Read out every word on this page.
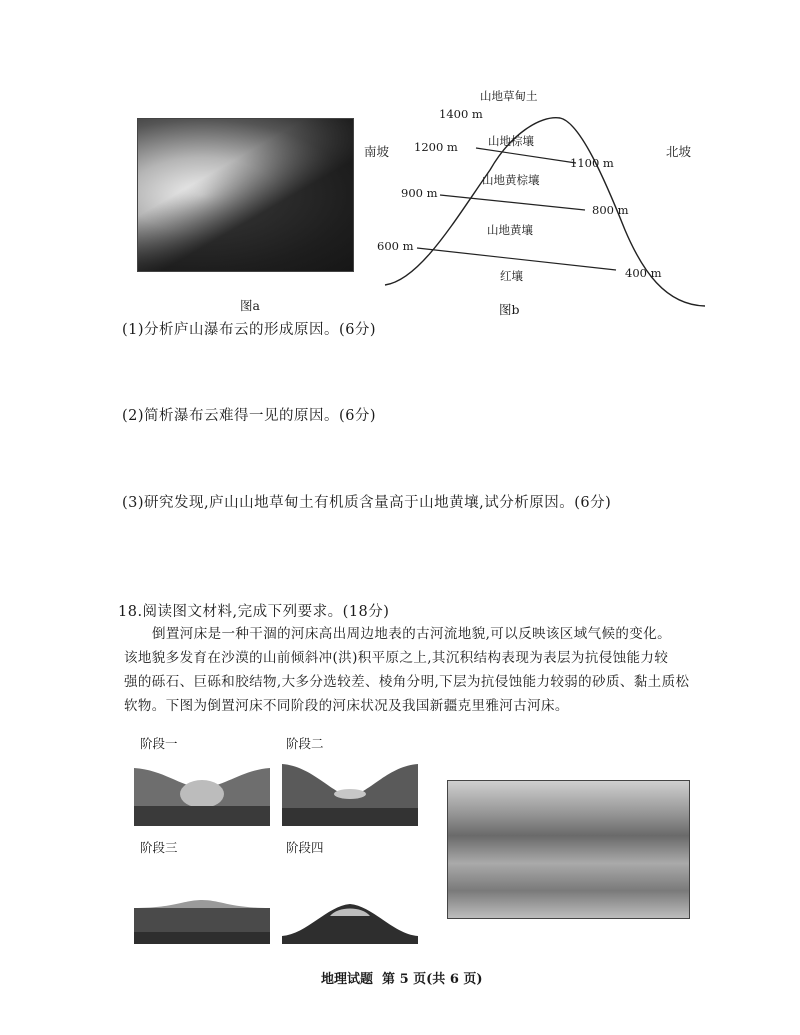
图a
山地草甸土
山地棕壤
山地黄棕壤
山地黄壤
红壤
1400 m
1200 m
900 m
600 m
1100 m
800 m
400 m
南坡	北坡
图b
(1)分析庐山瀑布云的形成原因。(6分)
(2)简析瀑布云难得一见的原因。(6分)
(3)研究发现,庐山山地草甸土有机质含量高于山地黄壤,试分析原因。(6分)
18.阅读图文材料,完成下列要求。(18分)
倒置河床是一种干涸的河床高出周边地表的古河流地貌,可以反映该区域气候的变化。
该地貌多发育在沙漠的山前倾斜冲(洪)积平原之上,其沉积结构表现为表层为抗侵蚀能力较
强的砾石、巨砾和胶结物,大多分选较差、棱角分明,下层为抗侵蚀能力较弱的砂质、黏土质松
软物。下图为倒置河床不同阶段的河床状况及我国新疆克里雅河古河床。
阶段一	阶段二
阶段三	阶段四
地理试题  第 5 页(共 6 页)
